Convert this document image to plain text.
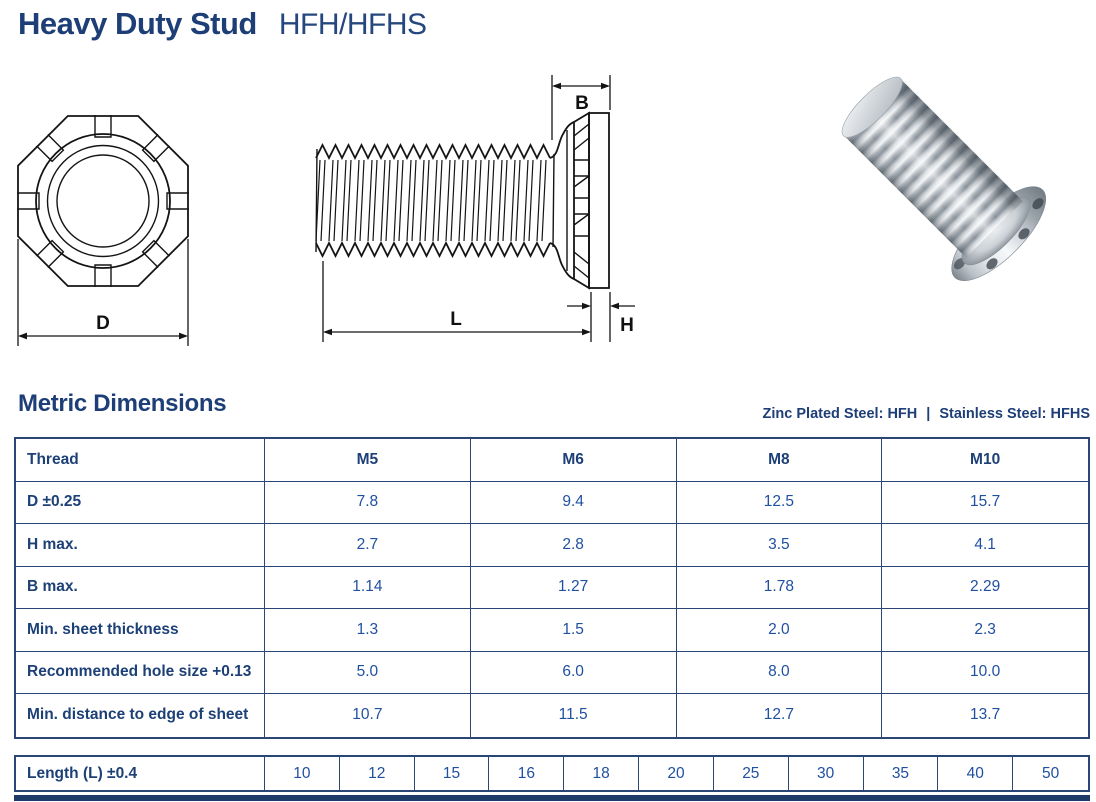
Heavy Duty Stud HFH/HFHS
D
B
L	H
Metric Dimensions	Zinc Plated Steel: HFH | Stainless Steel: HFHS
Thread	M5	M6	M8	M10
D ±0.25	7.8	9.4	12.5	15.7
H max.	2.7	2.8	3.5	4.1
B max.	1.14	1.27	1.78	2.29
Min. sheet thickness	1.3	1.5	2.0	2.3
Recommended hole size +0.13	5.0	6.0	8.0	10.0
Min. distance to edge of sheet	10.7	11.5	12.7	13.7
Length (L) ±0.4	10	12	15	16	18	20	25	30	35	40	50
